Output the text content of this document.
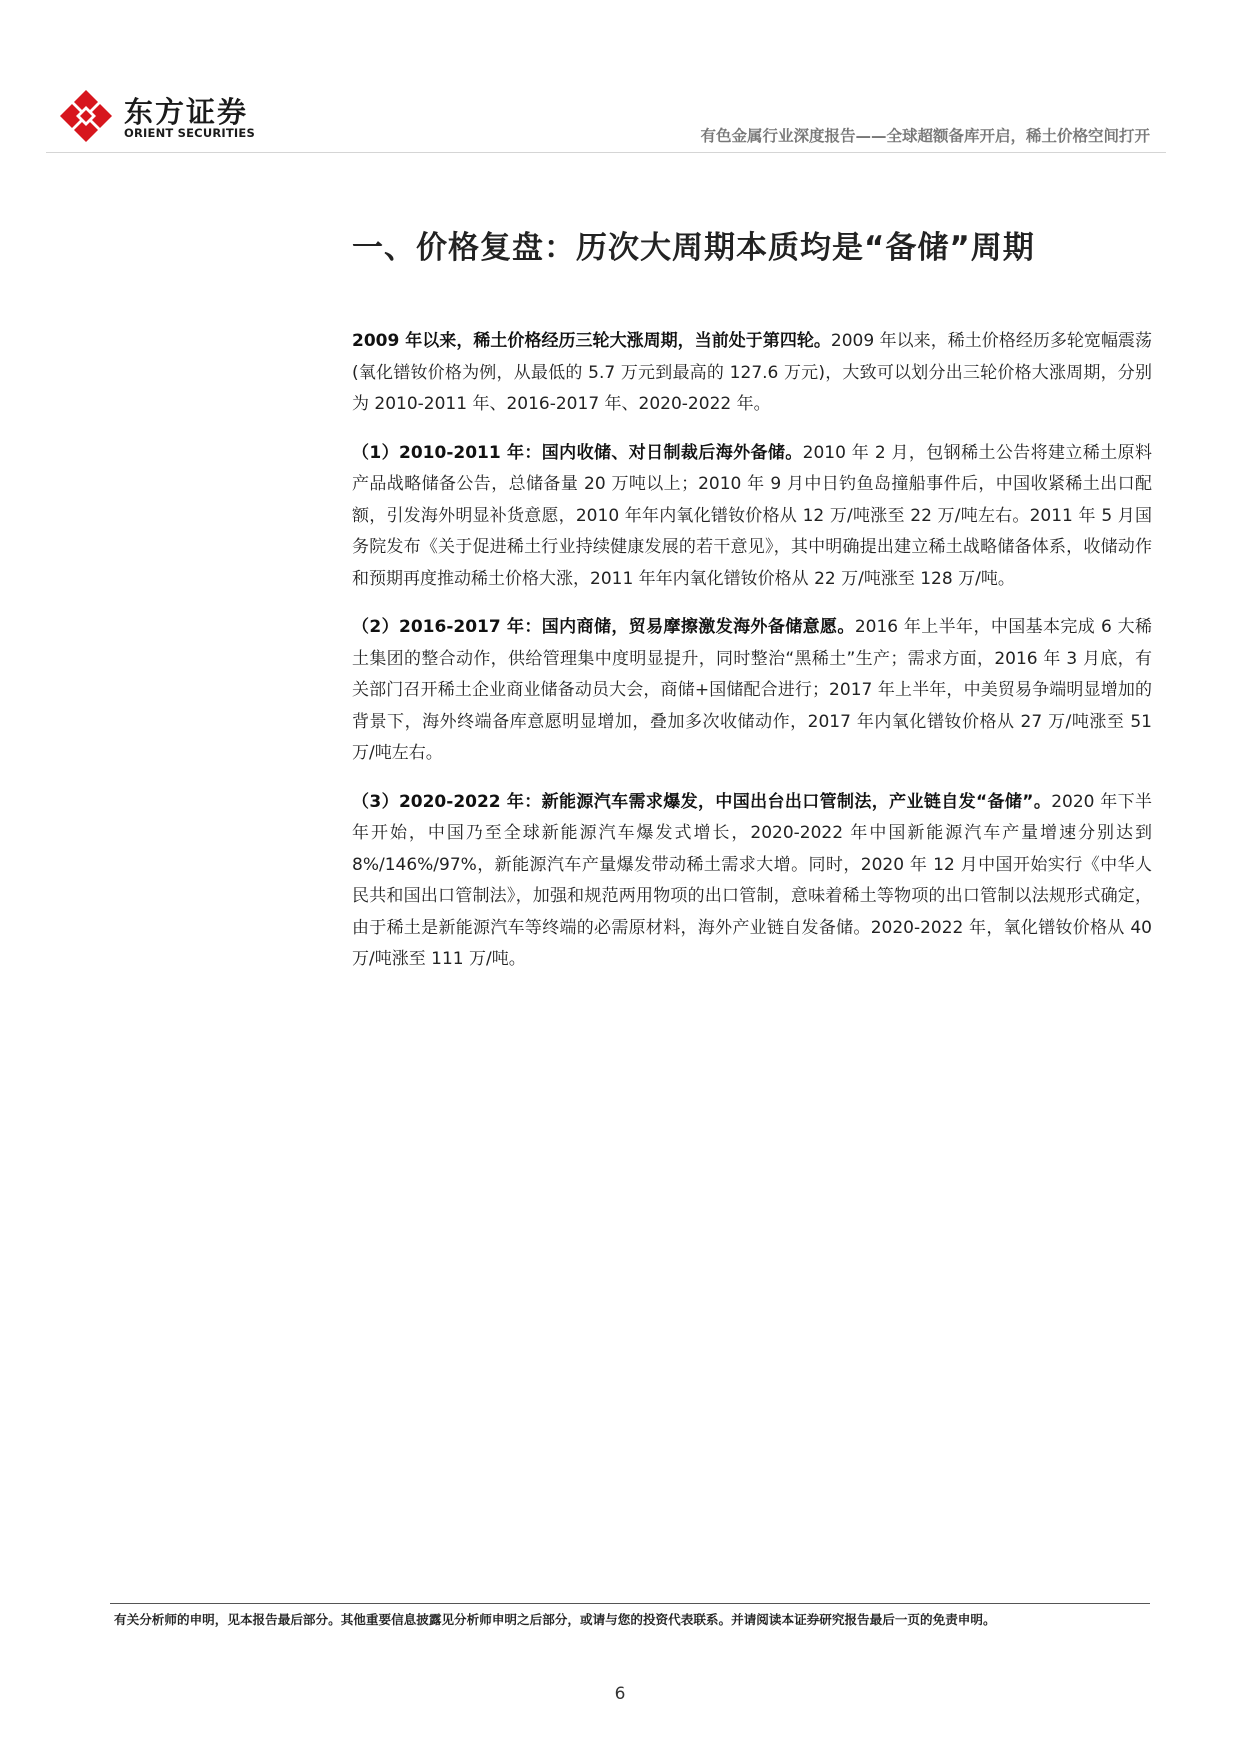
东方证券
ORIENT SECURITIES	有色金属行业深度报告——全球超额备库开启，稀土价格空间打开
一、价格复盘：历次大周期本质均是“备储”周期

2009 年以来，稀土价格经历三轮大涨周期，当前处于第四轮。2009 年以来，稀土价格经历多轮宽幅震荡(氧化镨钕价格为例，从最低的 5.7 万元到最高的 127.6 万元)，大致可以划分出三轮价格大涨周期，分别为 2010-2011 年、2016-2017 年、2020-2022 年。

（1）2010-2011 年：国内收储、对日制裁后海外备储。2010 年 2 月，包钢稀土公告将建立稀土原料产品战略储备公告，总储备量 20 万吨以上；2010 年 9 月中日钓鱼岛撞船事件后，中国收紧稀土出口配额，引发海外明显补货意愿，2010 年年内氧化镨钕价格从 12 万/吨涨至 22 万/吨左右。2011 年 5 月国务院发布《关于促进稀土行业持续健康发展的若干意见》，其中明确提出建立稀土战略储备体系，收储动作和预期再度推动稀土价格大涨，2011 年年内氧化镨钕价格从 22 万/吨涨至 128 万/吨。

（2）2016-2017 年：国内商储，贸易摩擦激发海外备储意愿。2016 年上半年，中国基本完成 6 大稀土集团的整合动作，供给管理集中度明显提升，同时整治“黑稀土”生产；需求方面，2016 年 3 月底，有关部门召开稀土企业商业储备动员大会，商储+国储配合进行；2017 年上半年，中美贸易争端明显增加的背景下，海外终端备库意愿明显增加，叠加多次收储动作，2017 年内氧化镨钕价格从 27 万/吨涨至 51 万/吨左右。

（3）2020-2022 年：新能源汽车需求爆发，中国出台出口管制法，产业链自发“备储”。2020 年下半年开始，中国乃至全球新能源汽车爆发式增长，2020-2022 年中国新能源汽车产量增速分别达到 8%/146%/97%，新能源汽车产量爆发带动稀土需求大增。同时，2020 年 12 月中国开始实行《中华人民共和国出口管制法》，加强和规范两用物项的出口管制，意味着稀土等物项的出口管制以法规形式确定，由于稀土是新能源汽车等终端的必需原材料，海外产业链自发备储。2020-2022 年，氧化镨钕价格从 40 万/吨涨至 111 万/吨。

有关分析师的申明，见本报告最后部分。其他重要信息披露见分析师申明之后部分，或请与您的投资代表联系。并请阅读本证券研究报告最后一页的免责申明。
6
